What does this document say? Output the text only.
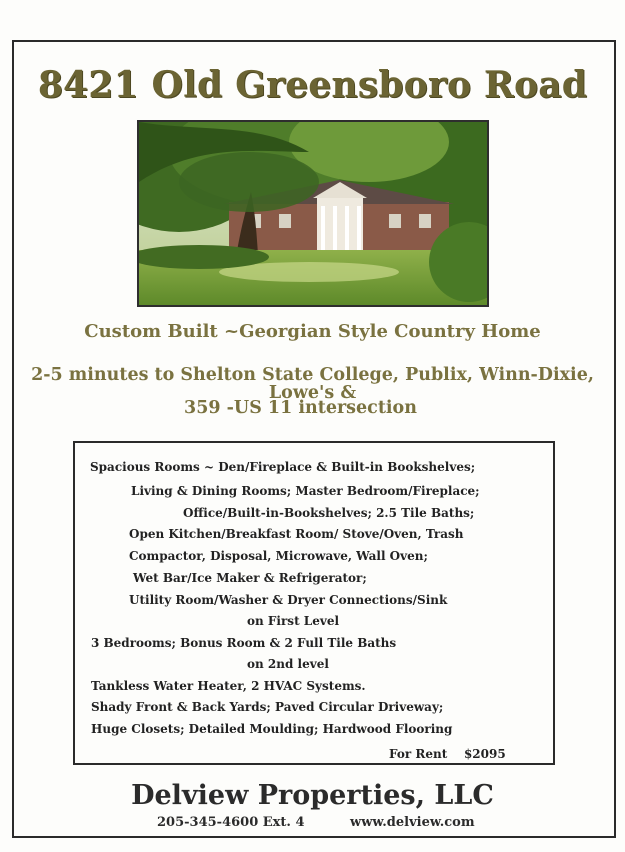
8421 Old Greensboro Road
Custom Built ~Georgian Style Country Home
2-5 minutes to Shelton State College, Publix, Winn-Dixie, Lowe's &
359 -US 11 intersection
Spacious Rooms ~ Den/Fireplace & Built-in Bookshelves;
Living & Dining Rooms; Master Bedroom/Fireplace;
Office/Built-in-Bookshelves; 2.5 Tile Baths;
Open Kitchen/Breakfast Room/ Stove/Oven, Trash
Compactor, Disposal, Microwave, Wall Oven;
Wet Bar/Ice Maker & Refrigerator;
Utility Room/Washer & Dryer Connections/Sink
on First Level
3 Bedrooms; Bonus Room & 2 Full Tile Baths
on 2nd level
Tankless Water Heater, 2 HVAC Systems.
Shady Front & Back Yards; Paved Circular Driveway;
Huge Closets; Detailed Moulding; Hardwood Flooring
For Rent    $2095
Delview Properties, LLC
205-345-4600 Ext. 4	www.delview.com
